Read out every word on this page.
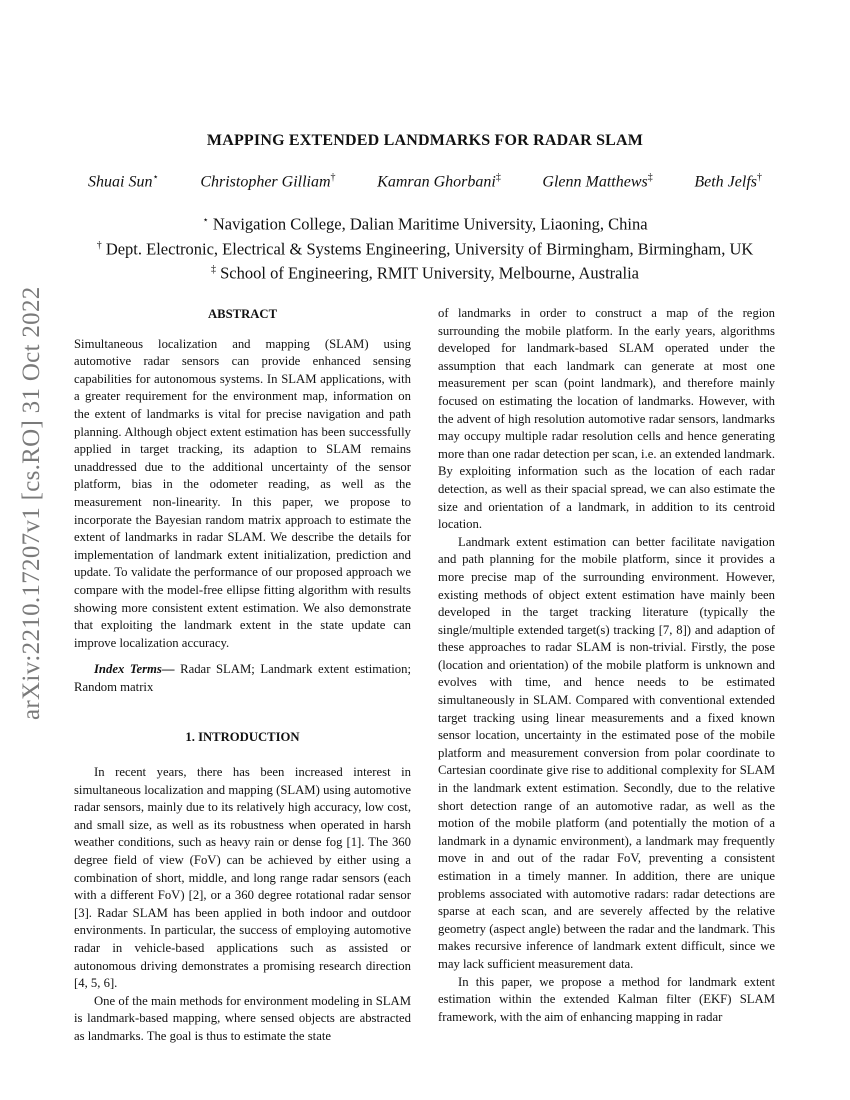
arXiv:2210.17207v1 [cs.RO] 31 Oct 2022
MAPPING EXTENDED LANDMARKS FOR RADAR SLAM
Shuai Sun⋆	Christopher Gilliam†	Kamran Ghorbani‡	Glenn Matthews‡	Beth Jelfs†
⋆ Navigation College, Dalian Maritime University, Liaoning, China
† Dept. Electronic, Electrical & Systems Engineering, University of Birmingham, Birmingham, UK
‡ School of Engineering, RMIT University, Melbourne, Australia
ABSTRACT

Simultaneous localization and mapping (SLAM) using automotive radar sensors can provide enhanced sensing capabilities for autonomous systems. In SLAM applications, with a greater requirement for the environment map, information on the extent of landmarks is vital for precise navigation and path planning. Although object extent estimation has been successfully applied in target tracking, its adaption to SLAM remains unaddressed due to the additional uncertainty of the sensor platform, bias in the odometer reading, as well as the measurement non-linearity. In this paper, we propose to incorporate the Bayesian random matrix approach to estimate the extent of landmarks in radar SLAM. We describe the details for implementation of landmark extent initialization, prediction and update. To validate the performance of our proposed approach we compare with the model-free ellipse fitting algorithm with results showing more consistent extent estimation. We also demonstrate that exploiting the landmark extent in the state update can improve localization accuracy.

Index Terms— Radar SLAM; Landmark extent estimation; Random matrix

1. INTRODUCTION

In recent years, there has been increased interest in simultaneous localization and mapping (SLAM) using automotive radar sensors, mainly due to its relatively high accuracy, low cost, and small size, as well as its robustness when operated in harsh weather conditions, such as heavy rain or dense fog [1]. The 360 degree field of view (FoV) can be achieved by either using a combination of short, middle, and long range radar sensors (each with a different FoV) [2], or a 360 degree rotational radar sensor [3]. Radar SLAM has been applied in both indoor and outdoor environments. In particular, the success of employing automotive radar in vehicle-based applications such as assisted or autonomous driving demonstrates a promising research direction [4, 5, 6].

One of the main methods for environment modeling in SLAM is landmark-based mapping, where sensed objects are abstracted as landmarks. The goal is thus to estimate the state

of landmarks in order to construct a map of the region surrounding the mobile platform. In the early years, algorithms developed for landmark-based SLAM operated under the assumption that each landmark can generate at most one measurement per scan (point landmark), and therefore mainly focused on estimating the location of landmarks. However, with the advent of high resolution automotive radar sensors, landmarks may occupy multiple radar resolution cells and hence generating more than one radar detection per scan, i.e. an extended landmark. By exploiting information such as the location of each radar detection, as well as their spacial spread, we can also estimate the size and orientation of a landmark, in addition to its centroid location.

Landmark extent estimation can better facilitate navigation and path planning for the mobile platform, since it provides a more precise map of the surrounding environment. However, existing methods of object extent estimation have mainly been developed in the target tracking literature (typically the single/multiple extended target(s) tracking [7, 8]) and adaption of these approaches to radar SLAM is non-trivial. Firstly, the pose (location and orientation) of the mobile platform is unknown and evolves with time, and hence needs to be estimated simultaneously in SLAM. Compared with conventional extended target tracking using linear measurements and a fixed known sensor location, uncertainty in the estimated pose of the mobile platform and measurement conversion from polar coordinate to Cartesian coordinate give rise to additional complexity for SLAM in the landmark extent estimation. Secondly, due to the relative short detection range of an automotive radar, as well as the motion of the mobile platform (and potentially the motion of a landmark in a dynamic environment), a landmark may frequently move in and out of the radar FoV, preventing a consistent estimation in a timely manner. In addition, there are unique problems associated with automotive radars: radar detections are sparse at each scan, and are severely affected by the relative geometry (aspect angle) between the radar and the landmark. This makes recursive inference of landmark extent difficult, since we may lack sufficient measurement data.

In this paper, we propose a method for landmark extent estimation within the extended Kalman filter (EKF) SLAM framework, with the aim of enhancing mapping in radar
